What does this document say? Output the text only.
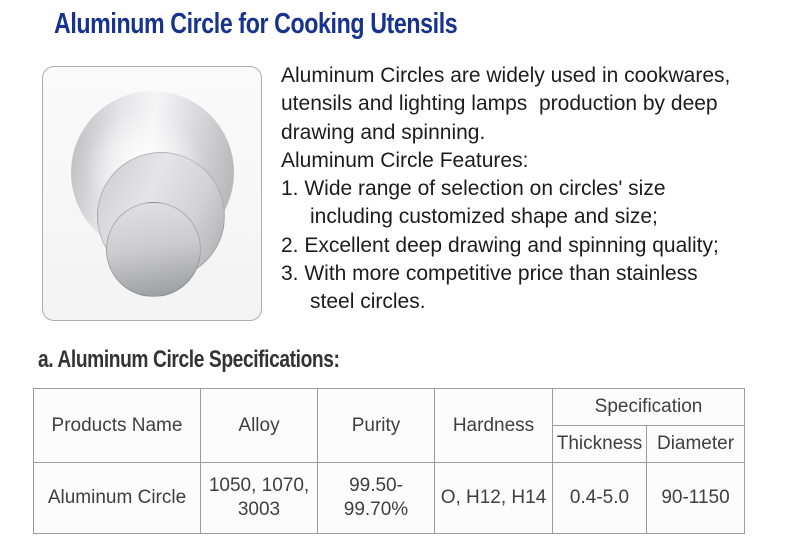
Aluminum Circle for Cooking Utensils
Aluminum Circles are widely used in cookwares,
utensils and lighting lamps  production by deep
drawing and spinning.
Aluminum Circle Features:
1. Wide range of selection on circles' size
including customized shape and size;
2. Excellent deep drawing and spinning quality;
3. With more competitive price than stainless
steel circles.
a. Aluminum Circle Specifications:
Products Name	Alloy	Purity	Hardness	Specification	
				Thickness	Diameter
Aluminum Circle	1050, 1070, 3003	99.50-99.70%	O, H12, H14	0.4-5.0	90-1150
